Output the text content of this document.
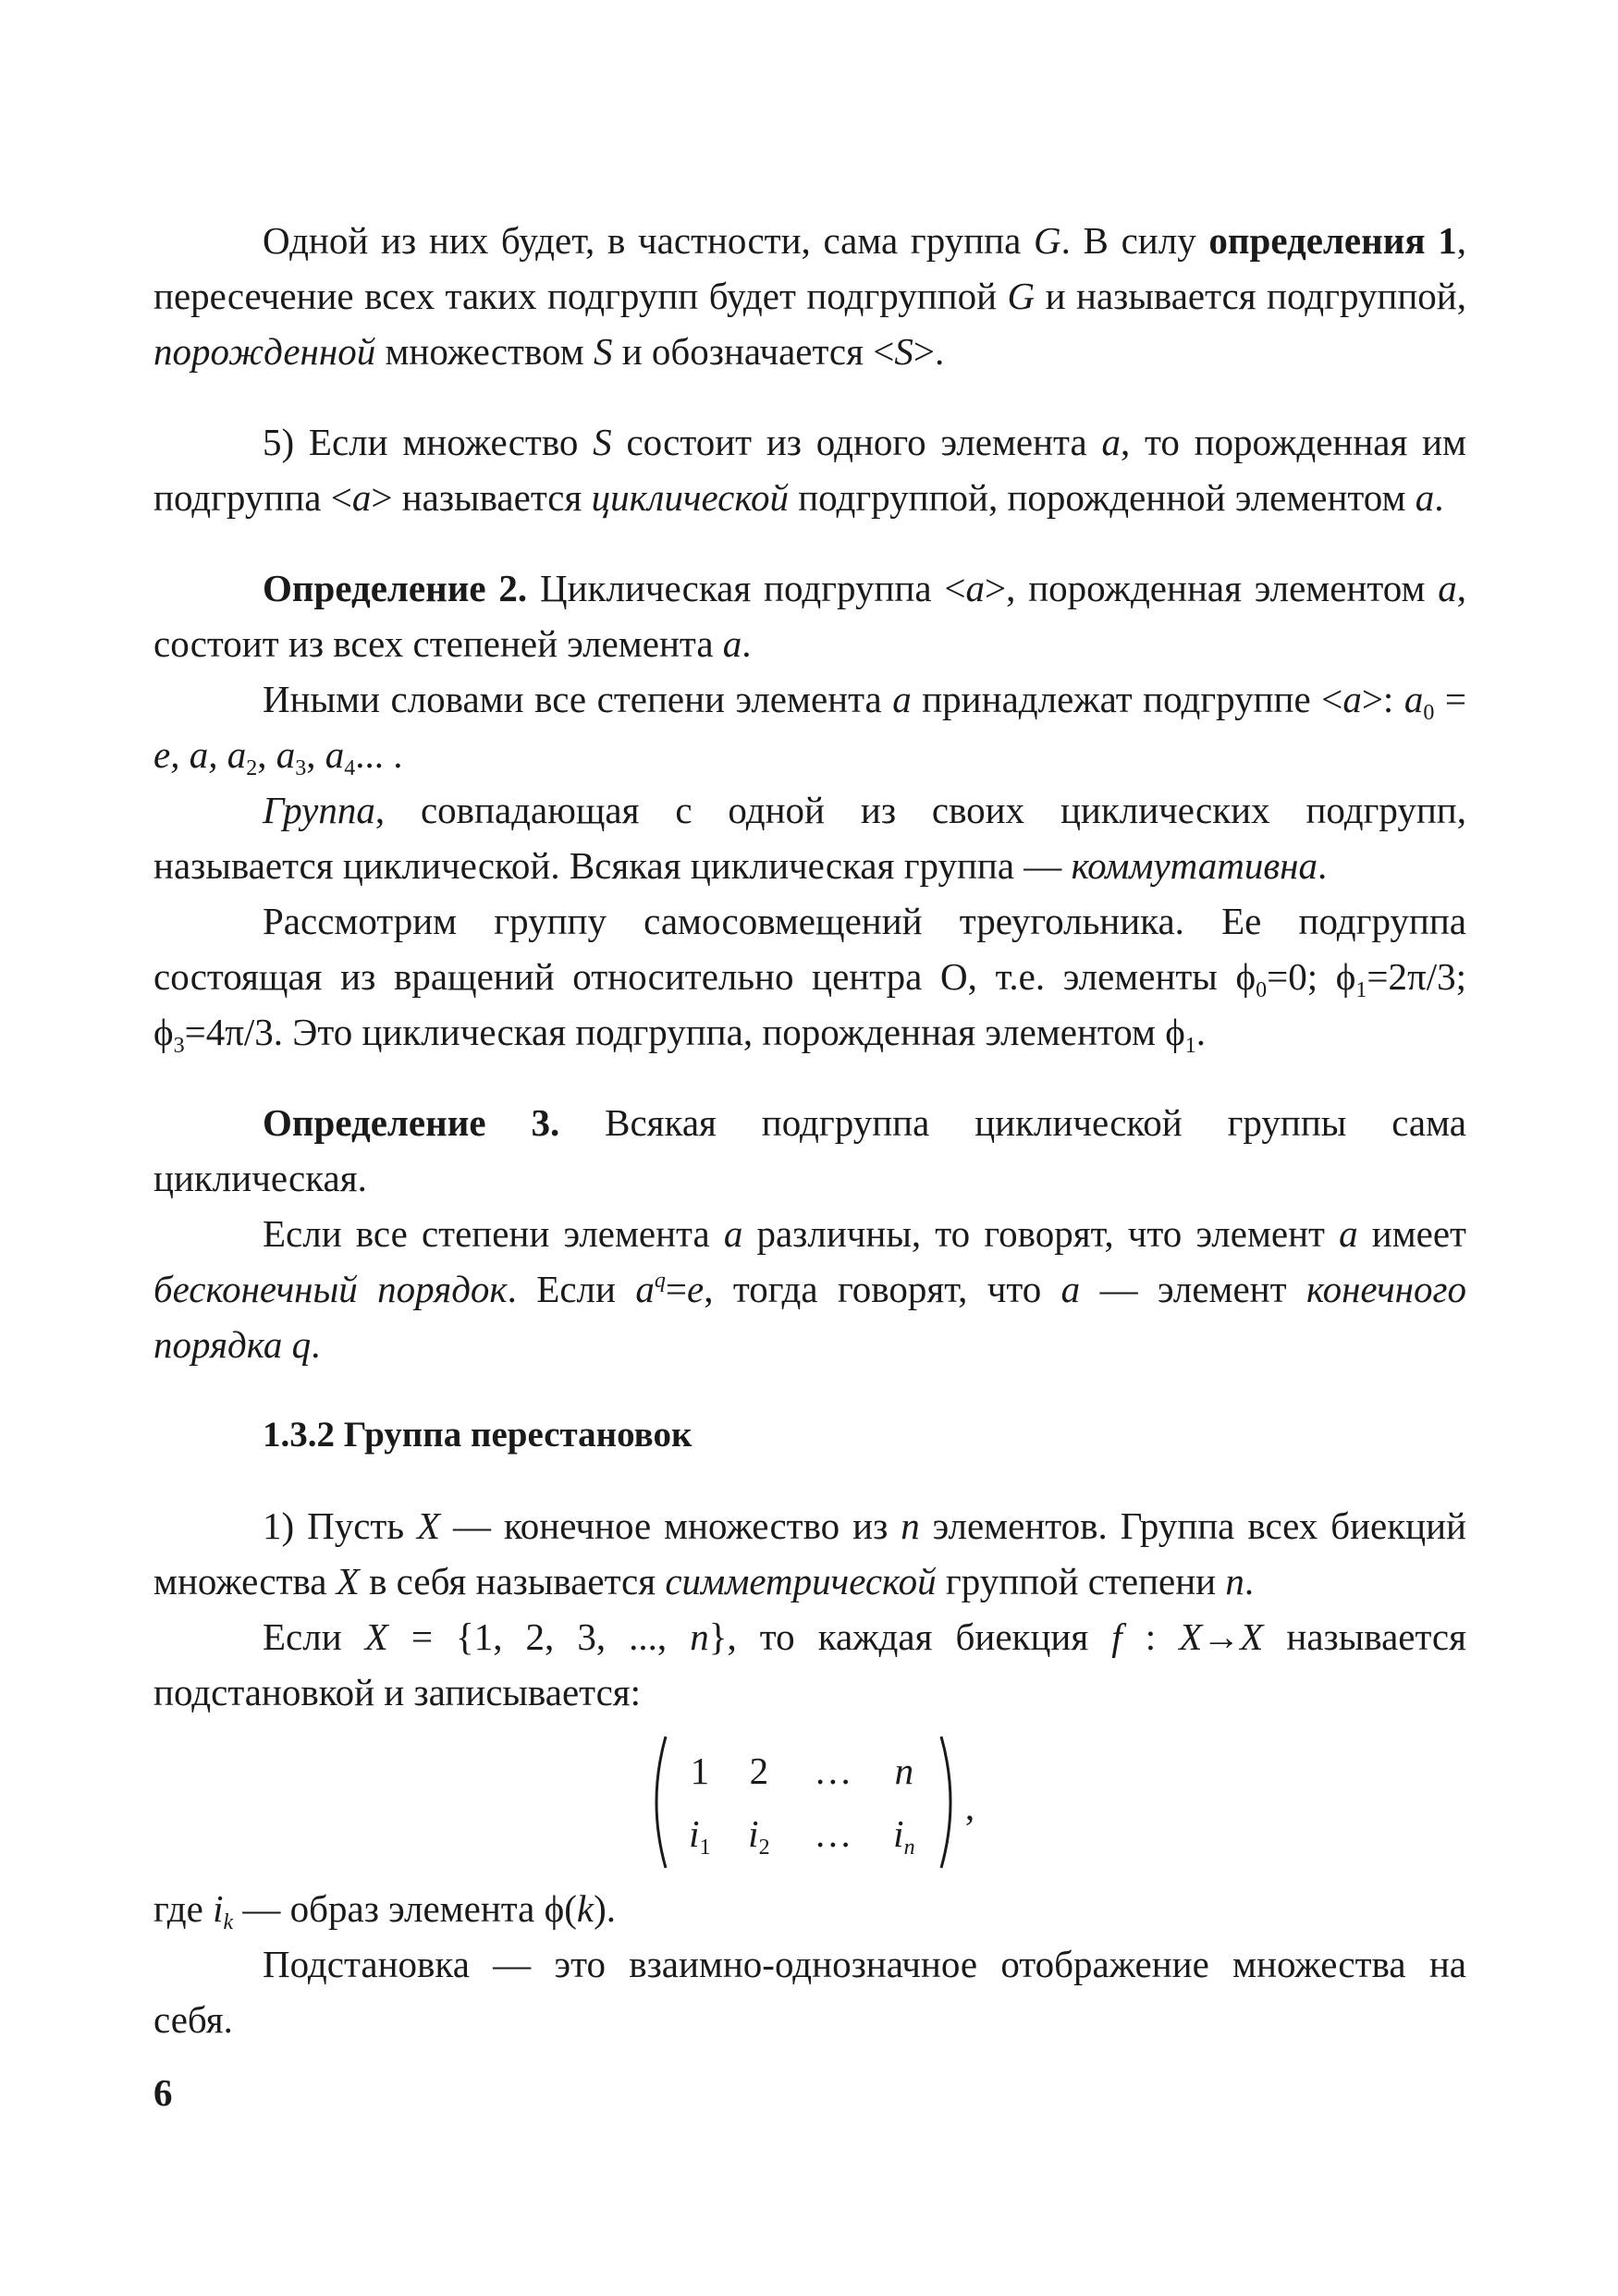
Одной из них будет, в частности, сама группа G. В силу определения 1, пересечение всех таких подгрупп будет подгруппой G и называется подгруппой, порожденной множеством S и обозначается <S>.

5) Если множество S состоит из одного элемента a, то порожденная им подгруппа <a> называется циклической подгруппой, порожденной элементом a.

Определение 2. Циклическая подгруппа <a>, порожденная элементом a, состоит из всех степеней элемента a.

Иными словами все степени элемента a принадлежат подгруппе <a>: $a_0 = e$, a, $a_2$, $a_3$, $a_4$... .

Группа, совпадающая с одной из своих циклических подгрупп, называется циклической. Всякая циклическая группа — коммутативна.

Рассмотрим группу самосовмещений треугольника. Ее подгруппа состоящая из вращений относительно центра О, т.е. элементы $\phi_0=0$; $\phi_1=2\pi/3$; $\phi_3=4\pi/3$. Это циклическая подгруппа, порожденная элементом $\phi_1$.

Определение 3. Всякая подгруппа циклической группы сама циклическая.

Если все степени элемента a различны, то говорят, что элемент a имеет бесконечный порядок. Если $a^q=e$, тогда говорят, что a — элемент конечного порядка q.

1.3.2 Группа перестановок

1) Пусть X — конечное множество из n элементов. Группа всех биекций множества X в себя называется симметрической группой степени n.

Если X = {1, 2, 3, ..., n}, то каждая биекция f : X→X называется подстановкой и записывается:

1	2	…	n
$i_1$ $i_2$	…	$i_n$
,

где $i_k$ — образ элемента ϕ(k).

Подстановка — это взаимно-однозначное отображение множества на себя.

6
